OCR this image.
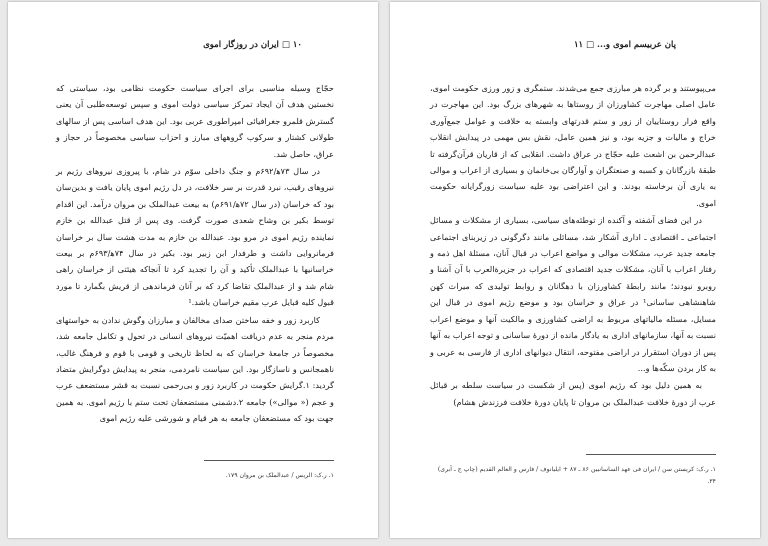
۱۰ □ ایران در روزگار اموی

حجّاج وسیله مناسبی برای اجرای سیاست حکومت نظامی بود، سیاستی که نخستین هدف آن ایجاد تمرکز سیاسی دولت اموی و سپس توسعه‌طلبی آن یعنی گسترش قلمرو جغرافیائی امپراطوری عربی بود. این هدف اساسی پس از سالهای طولانی کشتار و سرکوب گروههای مبارز و احزاب سیاسی مخصوصاً در حجاز و عراق، حاصل شد.

در سال ۷۳ه‍/۶۹۲م و جنگ داخلی سوّم در شام، با پیروزی نیروهای رژیم بر نیروهای رقیب، نبرد قدرت بر سر خلافت، در دل رژیم اموی پایان یافت و بدین‌سان بود که خراسان (در سال ۷۲ه‍/۶۹۱م) به بیعت عبدالملک بن مروان درآمد. این اقدام توسط بکیر بن وشاح شعدی صورت گرفت. وی پس از قتل عبدالله بن خازم نماینده رژیم اموی در مرو بود. عبدالله بن خازم به مدت هشت سال بر خراسان فرمانروایی داشت و طرفدار ابن زبیر بود. بکیر در سال ۷۴ه‍/۶۹۳م بر بیعت خراسانیها با عبدالملک تأکید و آن را تجدید کرد تا آنجاکه هیئتی از خراسان راهی شام شد و از عبدالملک تقاضا کرد که بر آنان فرماندهی از قریش بگمارد تا مورد قبول کلیه قبایل عرب مقیم خراسان باشد.¹

کاربرد زور و خفه ساختن صدای مخالفان و مبارزان وگوش ندادن به خواستهای مردم منجر به عدم دریافت اهمیّت نیروهای انسانی در تحول و تکامل جامعه شد، مخصوصاً در جامعهٔ خراسان که به لحاظ تاریخی و قومی با قوم و فرهنگ غالب، ناهمجانس و ناسازگار بود. این سیاست نامردمی، منجر به پیدایش دوگرایش متضاد گردید: ۱.گرایش حکومت در کاربرد زور و بی‌رحمی نسبت به قشر مستضعف عرب و عجم (« موالی») جامعه ۲.دشمنی مستضعفان تحت ستم با رژیم اموی. به همین جهت بود که مستضعفان جامعه به هر قیام و شورشی علیه رژیم اموی

۱. ر.ک: الریس / عبدالملک بن مروان ۱۷۹.
پان عربیسم اموی و... □ ۱۱

می‌پیوستند و بر گرده هر مبارزی جمع می‌شدند. ستمگری و زور ورزی حکومت اموی، عامل اصلی مهاجرت کشاورزان از روستاها به شهرهای بزرگ بود. این مهاجرت در واقع فرار روستاییان از زور و ستم قدرتهای وابسته به خلافت و عوامل جمع‌آوری خراج و مالیات و جزیه بود، و نیز همین عامل، نقش بس مهمی در پیدایش انقلاب عبدالرحمن بن اشعث علیه حجّاج در عراق داشت. انقلابی که از قاریان قرآن‌گرفته تا طبقهٔ بازرگانان و کسبه و صنعتگران و آوارگان بی‌خانمان و بسیاری از اعراب و موالی به یاری آن برخاسته بودند. و این اعتراضی بود علیه سیاست زورگرایانه حکومت اموی.

در این فضای آشفته و آکنده از توطئه‌های سیاسی، بسیاری از مشکلات و مسائل اجتماعی ـ اقتصادی ـ اداری آشکار شد، مسائلی مانند دگرگونی در زیربنای اجتماعی جامعه جدید عرب، مشکلات موالی و مواضع اعراب در قبال آنان، مسئلهٔ اهل ذمه و رفتار اعراب با آنان، مشکلات جدید اقتصادی که اعراب در جزیرةالعرب با آن آشنا و روبرو نبودند؛ مانند رابطهٔ کشاورزان با دهگانان و روابط تولیدی که میراث کهن شاهنشاهی ساسانی¹ در عراق و خراسان بود و موضع رژیم اموی در قبال این مسایل، مسئله مالیاتهای مربوط به اراضی کشاورزی و مالکیت آنها و موضع اعراب نسبت به آنها، سازمانهای اداری به یادگار مانده از دورهٔ ساسانی و توجه اعراب به آنها پس از دوران استقرار در اراضی مفتوحه، انتقال دیوانهای اداری از فارسی به عربی و به کار بردن سکّه‌ها و...

به همین دلیل بود که رژیم اموی (پس از شکست در سیاست سلطه بر قبائل عرب از دورهٔ خلافت عبدالملک بن مروان تا پایان دورهٔ خلافت فرزندش هشام)

۱. ر.ک: کریستن سن / ایران فی عهد الساسانیین ۸۶ ـ ۸۷ + ایلیانوف / فارس و العالم القدیم (چاپ ج ـ آبری) ۳۴.
